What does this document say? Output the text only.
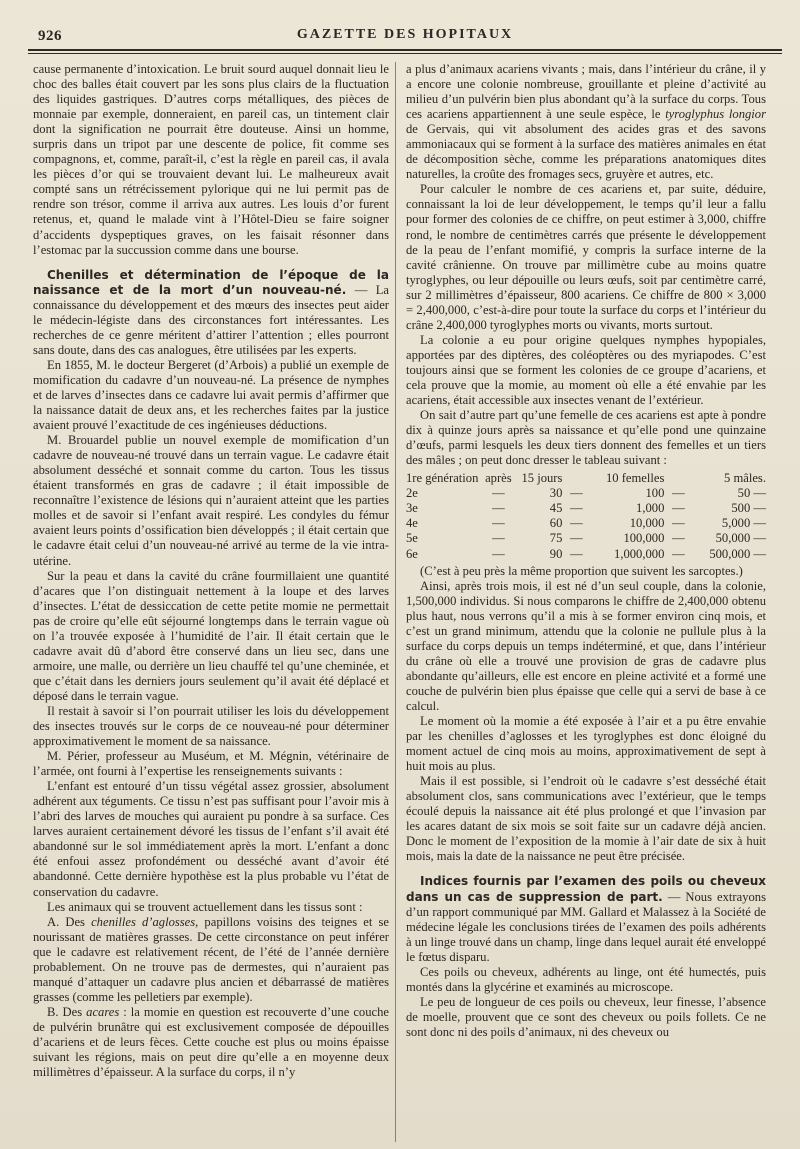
926	GAZETTE DES HOPITAUX

cause permanente d’intoxication. Le bruit sourd auquel donnait lieu le choc des balles était couvert par les sons plus clairs de la fluctuation des liquides gastriques. D’autres corps métalliques, des pièces de monnaie par exemple, donneraient, en pareil cas, un tintement clair dont la signification ne pourrait être douteuse. Ainsi un homme, surpris dans un tripot par une descente de police, fit comme ses compagnons, et, comme, paraît-il, c’est la règle en pareil cas, il avala les pièces d’or qui se trouvaient devant lui. Le malheureux avait compté sans un rétrécissement pylorique qui ne lui permit pas de rendre son trésor, comme il arriva aux autres. Les louis d’or furent retenus, et, quand le malade vint à l’Hôtel-Dieu se faire soigner d’accidents dyspeptiques graves, on les faisait résonner dans l’estomac par la succussion comme dans une bourse.

Chenilles et détermination de l’époque de la naissance et de la mort d’un nouveau-né. — La connaissance du développement et des mœurs des insectes peut aider le médecin-légiste dans des circonstances fort intéressantes. Les recherches de ce genre méritent d’attirer l’attention ; elles pourront sans doute, dans des cas analogues, être utilisées par les experts.

En 1855, M. le docteur Bergeret (d’Arbois) a publié un exemple de momification du cadavre d’un nouveau-né. La présence de nymphes et de larves d’insectes dans ce cadavre lui avait permis d’affirmer que la naissance datait de deux ans, et les recherches faites par la justice avaient prouvé l’exactitude de ces ingénieuses déductions.

M. Brouardel publie un nouvel exemple de momification d’un cadavre de nouveau-né trouvé dans un terrain vague. Le cadavre était absolument desséché et sonnait comme du carton. Tous les tissus étaient transformés en gras de cadavre ; il était impossible de reconnaître l’existence de lésions qui n’auraient atteint que les parties molles et de savoir si l’enfant avait respiré. Les condyles du fémur avaient leurs points d’ossification bien développés ; il était certain que le cadavre était celui d’un nouveau-né arrivé au terme de la vie intra-utérine.

Sur la peau et dans la cavité du crâne fourmillaient une quantité d’acares que l’on distinguait nettement à la loupe et des larves d’insectes. L’état de dessiccation de cette petite momie ne permettait pas de croire qu’elle eût séjourné longtemps dans le terrain vague où on l’a trouvée exposée à l’humidité de l’air. Il était certain que le cadavre avait dû d’abord être conservé dans un lieu sec, dans une armoire, une malle, ou derrière un lieu chauffé tel qu’une cheminée, et que c’était dans les derniers jours seulement qu’il avait été déplacé et déposé dans le terrain vague.

Il restait à savoir si l’on pourrait utiliser les lois du développement des insectes trouvés sur le corps de ce nouveau-né pour déterminer approximativement le moment de sa naissance.

M. Périer, professeur au Muséum, et M. Mégnin, vétérinaire de l’armée, ont fourni à l’expertise les renseignements suivants :

L’enfant est entouré d’un tissu végétal assez grossier, absolument adhérent aux téguments. Ce tissu n’est pas suffisant pour l’avoir mis à l’abri des larves de mouches qui auraient pu pondre à sa surface. Ces larves auraient certainement dévoré les tissus de l’enfant s’il avait été abandonné sur le sol immédiatement après la mort. L’enfant a donc été enfoui assez profondément ou desséché avant d’avoir été abandonné. Cette dernière hypothèse est la plus probable vu l’état de conservation du cadavre.

Les animaux qui se trouvent actuellement dans les tissus sont :

A. Des chenilles d’aglosses, papillons voisins des teignes et se nourissant de matières grasses. De cette circonstance on peut inférer que le cadavre est relativement récent, de l’été de l’année dernière probablement. On ne trouve pas de dermestes, qui n’auraient pas manqué d’attaquer un cadavre plus ancien et débarrassé de matières grasses (comme les pelletiers par exemple).

B. Des acares : la momie en question est recouverte d’une couche de pulvérin brunâtre qui est exclusivement composée de dépouilles d’acariens et de leurs fèces. Cette couche est plus ou moins épaisse suivant les régions, mais on peut dire qu’elle a en moyenne deux millimètres d’épaisseur. A la surface du corps, il n’y

a plus d’animaux acariens vivants ; mais, dans l’intérieur du crâne, il y a encore une colonie nombreuse, grouillante et pleine d’activité au milieu d’un pulvérin bien plus abondant qu’à la surface du corps. Tous ces acariens appartiennent à une seule espèce, le tyroglyphus longior de Gervais, qui vit absolument des acides gras et des savons ammoniacaux qui se forment à la surface des matières animales en état de décomposition sèche, comme les préparations anatomiques dites naturelles, la croûte des fromages secs, gruyère et autres, etc.

Pour calculer le nombre de ces acariens et, par suite, déduire, connaissant la loi de leur développement, le temps qu’il leur a fallu pour former des colonies de ce chiffre, on peut estimer à 3,000, chiffre rond, le nombre de centimètres carrés que présente le développement de la peau de l’enfant momifié, y compris la surface interne de la cavité crânienne. On trouve par millimètre cube au moins quatre tyroglyphes, ou leur dépouille ou leurs œufs, soit par centimètre carré, sur 2 millimètres d’épaisseur, 800 acariens. Ce chiffre de 800 × 3,000 = 2,400,000, c’est-à-dire pour toute la surface du corps et l’intérieur du crâne 2,400,000 tyroglyphes morts ou vivants, morts surtout.

La colonie a eu pour origine quelques nymphes hypopiales, apportées par des diptères, des coléoptères ou des myriapodes. C’est toujours ainsi que se forment les colonies de ce groupe d’acariens, et cela prouve que la momie, au moment où elle a été envahie par les acariens, était accessible aux insectes venant de l’extérieur.

On sait d’autre part qu’une femelle de ces acariens est apte à pondre dix à quinze jours après sa naissance et qu’elle pond une quinzaine d’œufs, parmi lesquels les deux tiers donnent des femelles et un tiers des mâles ; on peut donc dresser le tableau suivant :

1re génération	après	15 jours		10 femelles		5 mâles.
2e	—	30	—	100	—	50 —
3e	—	45	—	1,000	—	500 —
4e	—	60	—	10,000	—	5,000 —
5e	—	75	—	100,000	—	50,000 —
6e	—	90	—	1,000,000	—	500,000 —

(C’est à peu près la même proportion que suivent les sarcoptes.)

Ainsi, après trois mois, il est né d’un seul couple, dans la colonie, 1,500,000 individus. Si nous comparons le chiffre de 2,400,000 obtenu plus haut, nous verrons qu’il a mis à se former environ cinq mois, et c’est un grand minimum, attendu que la colonie ne pullule plus à la surface du corps depuis un temps indéterminé, et que, dans l’intérieur du crâne où elle a trouvé une provision de gras de cadavre plus abondante qu’ailleurs, elle est encore en pleine activité et a formé une couche de pulvérin bien plus épaisse que celle qui a servi de base à ce calcul.

Le moment où la momie a été exposée à l’air et a pu être envahie par les chenilles d’aglosses et les tyroglyphes est donc éloigné du moment actuel de cinq mois au moins, approximativement de sept à huit mois au plus.

Mais il est possible, si l’endroit où le cadavre s’est desséché était absolument clos, sans communications avec l’extérieur, que le temps écoulé depuis la naissance ait été plus prolongé et que l’invasion par les acares datant de six mois se soit faite sur un cadavre déjà ancien. Donc le moment de l’exposition de la momie à l’air date de six à huit mois, mais la date de la naissance ne peut être précisée.

Indices fournis par l’examen des poils ou cheveux dans un cas de suppression de part. — Nous extrayons d’un rapport communiqué par MM. Gallard et Malassez à la Société de médecine légale les conclusions tirées de l’examen des poils adhérents à un linge trouvé dans un champ, linge dans lequel aurait été enveloppé le fœtus disparu.

Ces poils ou cheveux, adhérents au linge, ont été humectés, puis montés dans la glycérine et examinés au microscope.

Le peu de longueur de ces poils ou cheveux, leur finesse, l’absence de moelle, prouvent que ce sont des cheveux ou poils follets. Ce ne sont donc ni des poils d’animaux, ni des cheveux ou
